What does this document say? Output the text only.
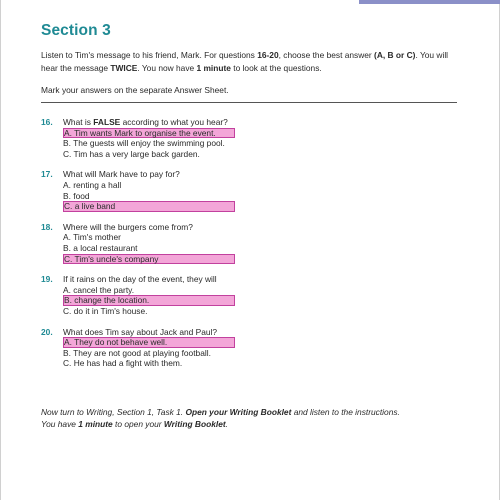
Section 3
Listen to Tim's message to his friend, Mark. For questions 16-20, choose the best answer (A, B or C). You will hear the message TWICE. You now have 1 minute to look at the questions.
Mark your answers on the separate Answer Sheet.
16.	What is FALSE according to what you hear?
A. Tim wants Mark to organise the event.
B. The guests will enjoy the swimming pool.
C. Tim has a very large back garden.
17.	What will Mark have to pay for?
A. renting a hall
B. food
C. a live band
18.	Where will the burgers come from?
A. Tim's mother
B. a local restaurant
C. Tim's uncle's company
19.	If it rains on the day of the event, they will
A. cancel the party.
B. change the location.
C. do it in Tim's house.
20.	What does Tim say about Jack and Paul?
A. They do not behave well.
B. They are not good at playing football.
C. He has had a fight with them.
Now turn to Writing, Section 1, Task 1. Open your Writing Booklet and listen to the instructions.
You have 1 minute to open your Writing Booklet.
